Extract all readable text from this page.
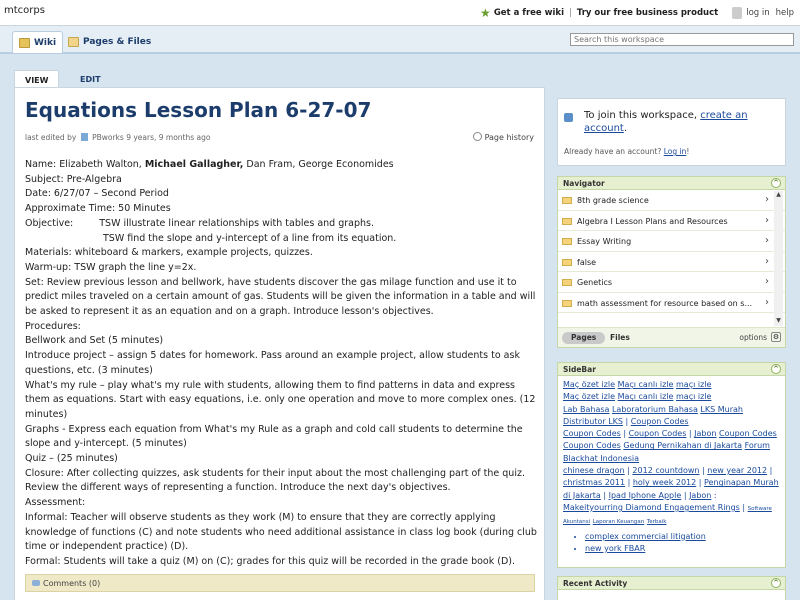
mtcorps	★ Get a free wiki | Try our free business product	log in help
Wiki	Pages & Files
Search this workspace
VIEW	EDIT
Equations Lesson Plan 6-27-07
last edited by PBworks 9 years, 9 months ago	Page history

Name: Elizabeth Walton, Michael Gallagher, Dan Fram, George Economides

Subject: Pre-Algebra

Date: 6/27/07 – Second Period

Approximate Time: 50 Minutes

Objective:	TSW illustrate linear relationships with tables and graphs.

TSW find the slope and y-intercept of a line from its equation.

Materials: whiteboard & markers, example projects, quizzes.

Warm-up: TSW graph the line y=2x.

Set: Review previous lesson and bellwork, have students discover the gas milage function and use it to predict miles traveled on a certain amount of gas. Students will be given the information in a table and will be asked to represent it as an equation and on a graph. Introduce lesson's objectives.

Procedures:

Bellwork and Set (5 minutes)

Introduce project – assign 5 dates for homework. Pass around an example project, allow students to ask questions, etc. (3 minutes)

What's my rule – play what's my rule with students, allowing them to find patterns in data and express them as equations. Start with easy equations, i.e. only one operation and move to more complex ones. (12 minutes)

Graphs - Express each equation from What's my Rule as a graph and cold call students to determine the slope and y-intercept. (5 minutes)

Quiz – (25 minutes)

Closure: After collecting quizzes, ask students for their input about the most challenging part of the quiz. Review the different ways of representing a function. Introduce the next day's objectives.

Assessment:

Informal: Teacher will observe students as they work (M) to ensure that they are correctly applying knowledge of functions (C) and note students who need additional assistance in class log book (during club time or independent practice) (D).

Formal: Students will take a quiz (M) on (C); grades for this quiz will be recorded in the grade book (D).

Comments (0)
To join this workspace, create an account.
Already have an account? Log in!
Navigator	^
8th grade science	›
Algebra I Lesson Plans and Resources	›
Essay Writing	›
false	›
Genetics	›
math assessment for resource based on s... ›
▲
▼
Pages	Files	options ⚙
SideBar	^
Maç özet izle Maçı canlı izle maçı izle
Maç özet izle Maçı canlı izle maçı izle
Lab Bahasa Laboratorium Bahasa LKS Murah
Distributor LKS | Coupon Codes
Coupon Codes | Coupon Codes | Jabon Coupon Codes Coupon Codes Gedung Pernikahan di Jakarta Forum Blackhat Indonesia
chinese dragon | 2012 countdown | new year 2012 |
christmas 2011 | holy week 2012 | Penginapan Murah di Jakarta | Ipad Iphone Apple | Jabon :
Makeityourring Diamond Engagement Rings | Software Akuntansi Laporan Keuangan Terbaik
• complex commercial litigation
• new york FBAR
Recent Activity	^
